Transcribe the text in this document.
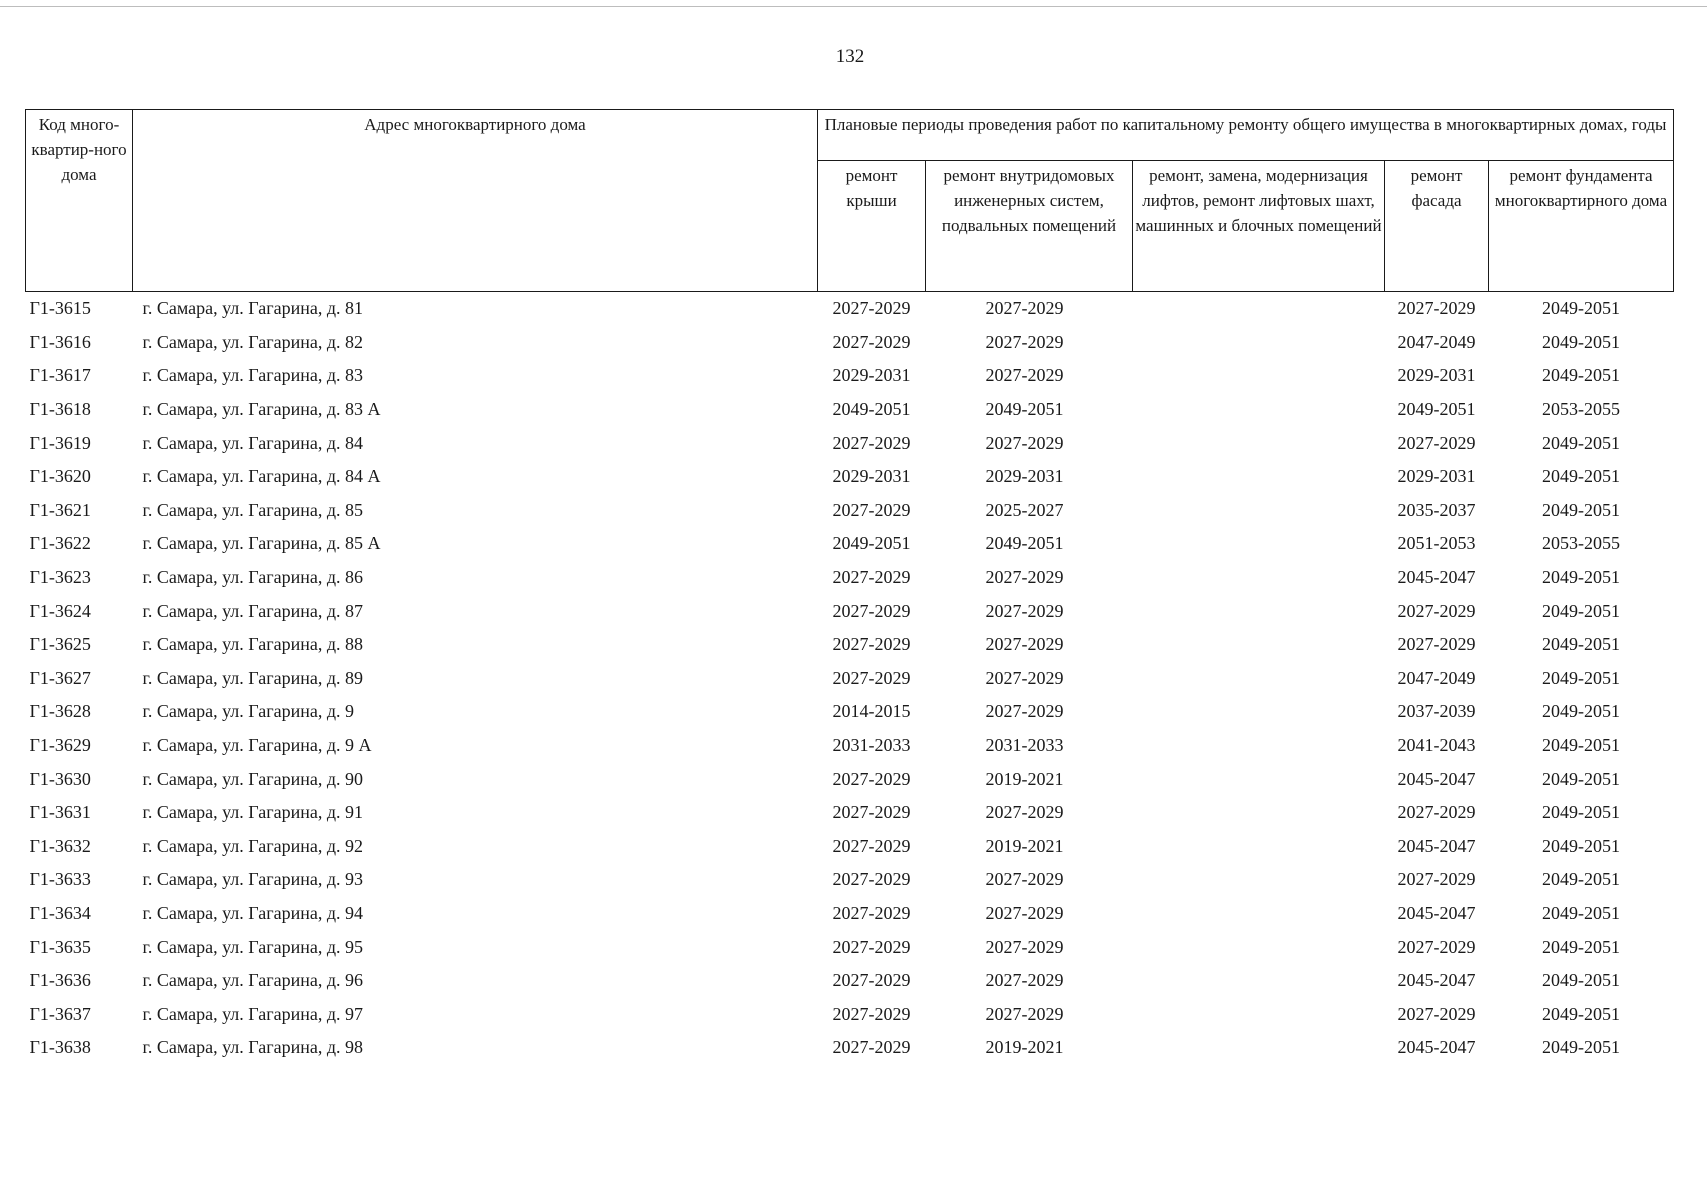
132
Код много-квартир-ного дома	Адрес многоквартирного дома	Плановые периоды проведения работ по капитальному ремонту общего имущества в многоквартирных домах, годы				
		ремонт крыши	ремонт внутридомовых инженерных систем, подвальных помещений	ремонт, замена, модернизация лифтов, ремонт лифтовых шахт, машинных и блочных помещений	ремонт фасада	ремонт фундамента многоквартирного дома
Г1-3615	г. Самара, ул. Гагарина, д. 81	2027-2029	2027-2029		2027-2029	2049-2051
Г1-3616	г. Самара, ул. Гагарина, д. 82	2027-2029	2027-2029		2047-2049	2049-2051
Г1-3617	г. Самара, ул. Гагарина, д. 83	2029-2031	2027-2029		2029-2031	2049-2051
Г1-3618	г. Самара, ул. Гагарина, д. 83 А	2049-2051	2049-2051		2049-2051	2053-2055
Г1-3619	г. Самара, ул. Гагарина, д. 84	2027-2029	2027-2029		2027-2029	2049-2051
Г1-3620	г. Самара, ул. Гагарина, д. 84 А	2029-2031	2029-2031		2029-2031	2049-2051
Г1-3621	г. Самара, ул. Гагарина, д. 85	2027-2029	2025-2027		2035-2037	2049-2051
Г1-3622	г. Самара, ул. Гагарина, д. 85 А	2049-2051	2049-2051		2051-2053	2053-2055
Г1-3623	г. Самара, ул. Гагарина, д. 86	2027-2029	2027-2029		2045-2047	2049-2051
Г1-3624	г. Самара, ул. Гагарина, д. 87	2027-2029	2027-2029		2027-2029	2049-2051
Г1-3625	г. Самара, ул. Гагарина, д. 88	2027-2029	2027-2029		2027-2029	2049-2051
Г1-3627	г. Самара, ул. Гагарина, д. 89	2027-2029	2027-2029		2047-2049	2049-2051
Г1-3628	г. Самара, ул. Гагарина, д. 9	2014-2015	2027-2029		2037-2039	2049-2051
Г1-3629	г. Самара, ул. Гагарина, д. 9 А	2031-2033	2031-2033		2041-2043	2049-2051
Г1-3630	г. Самара, ул. Гагарина, д. 90	2027-2029	2019-2021		2045-2047	2049-2051
Г1-3631	г. Самара, ул. Гагарина, д. 91	2027-2029	2027-2029		2027-2029	2049-2051
Г1-3632	г. Самара, ул. Гагарина, д. 92	2027-2029	2019-2021		2045-2047	2049-2051
Г1-3633	г. Самара, ул. Гагарина, д. 93	2027-2029	2027-2029		2027-2029	2049-2051
Г1-3634	г. Самара, ул. Гагарина, д. 94	2027-2029	2027-2029		2045-2047	2049-2051
Г1-3635	г. Самара, ул. Гагарина, д. 95	2027-2029	2027-2029		2027-2029	2049-2051
Г1-3636	г. Самара, ул. Гагарина, д. 96	2027-2029	2027-2029		2045-2047	2049-2051
Г1-3637	г. Самара, ул. Гагарина, д. 97	2027-2029	2027-2029		2027-2029	2049-2051
Г1-3638	г. Самара, ул. Гагарина, д. 98	2027-2029	2019-2021		2045-2047	2049-2051
